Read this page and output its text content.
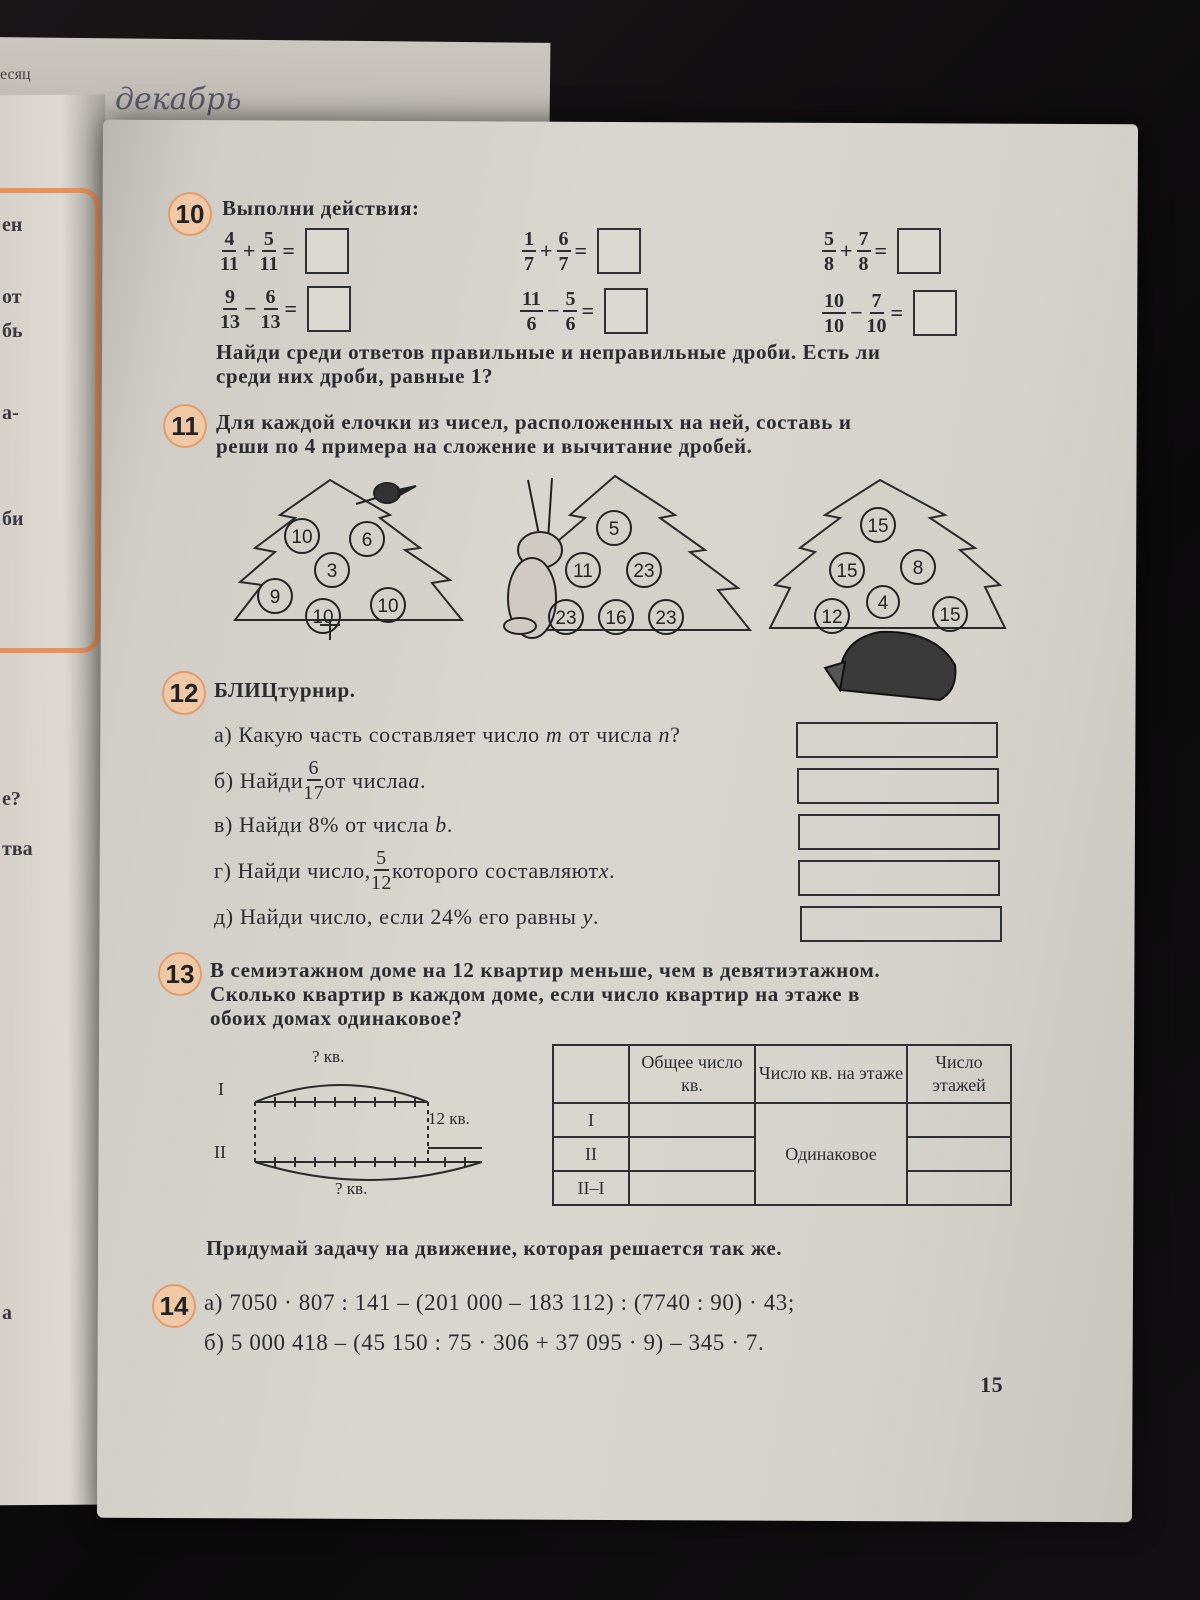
есяц
декабрь
ен
от
бь
а-
би
е?
тва
а
10 Выполни действия:
$\frac{4}{11} + \frac{5}{11}$ =	$\frac{1}{7} + \frac{6}{7}$ =	$\frac{5}{8} + \frac{7}{8}$ =
$\frac{9}{13} - \frac{6}{13}$ =	$\frac{11}{6} - \frac{5}{6}$ =	$\frac{10}{10} - \frac{7}{10}$ =
Найди среди ответов правильные и неправильные дроби. Есть ли
среди них дроби, равные 1?
11 Для каждой елочки из чисел, расположенных на ней, составь и
реши по 4 примера на сложение и вычитание дробей.
10	6
3
9
10
10
5
11 23
23 16 23
15
15	8
4
12	15
12 БЛИЦтурнир.
а) Какую часть составляет число m от числа n?
б) Найди $\frac{6}{17}$ от числа a .
в) Найди 8% от числа b.
г) Найди число, $\frac{5}{12}$ которого составляют x .
д) Найди число, если 24% его равны y.
13 В семиэтажном доме на 12 квартир меньше, чем в девятиэтажном.
Сколько квартир в каждом доме, если число квартир на этаже в
обоих домах одинаковое?
? кв.
I
II
12 кв.
? кв.
	Общее число кв.	Число кв. на этаже	Число этажей
I		Одинаковое	
II			
II–I			
Придумай задачу на движение, которая решается так же.
14 а) 7050 · 807 : 141 – (201 000 – 183 112) : (7740 : 90) · 43;
б) 5 000 418 – (45 150 : 75 · 306 + 37 095 · 9) – 345 · 7.
15
